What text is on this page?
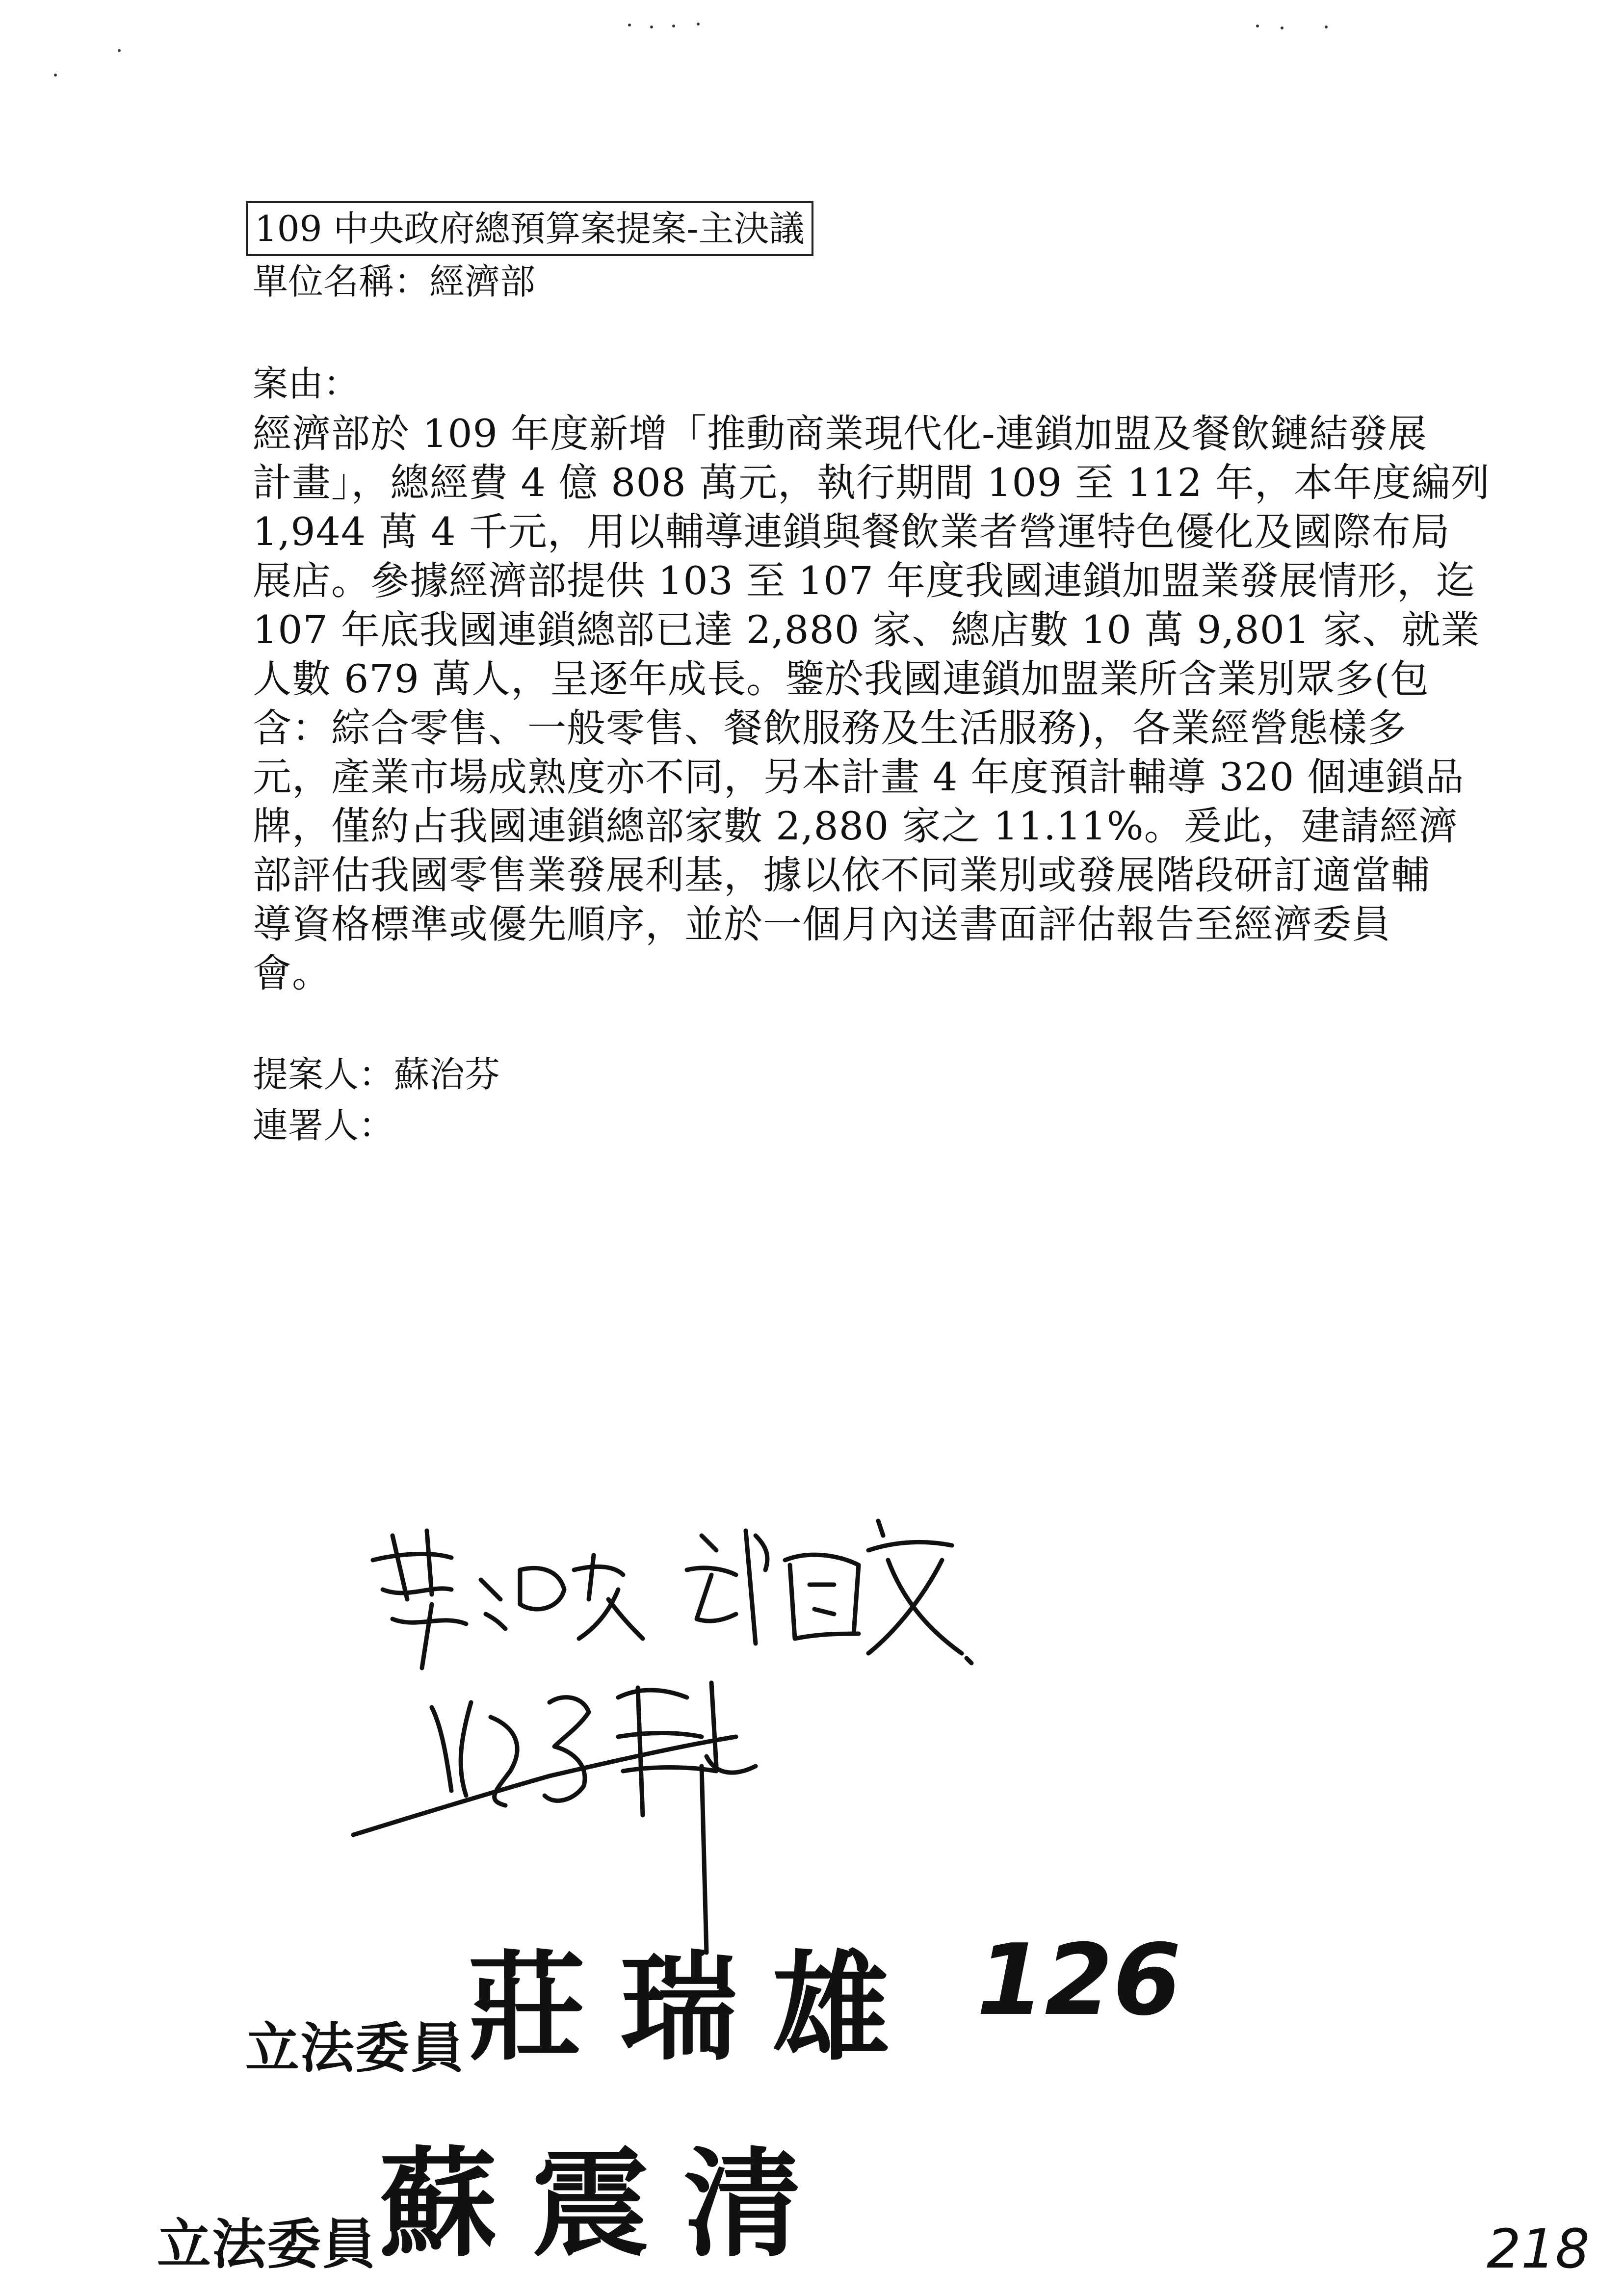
109 中央政府總預算案提案-主決議
單位名稱：經濟部
案由：
經濟部於 109 年度新增「推動商業現代化-連鎖加盟及餐飲鏈結發展
計畫」，總經費 4 億 808 萬元，執行期間 109 至 112 年，本年度編列
1,944 萬 4 千元，用以輔導連鎖與餐飲業者營運特色優化及國際布局
展店。參據經濟部提供 103 至 107 年度我國連鎖加盟業發展情形，迄
107 年底我國連鎖總部已達 2,880 家、總店數 10 萬 9,801 家、就業
人數 679 萬人，呈逐年成長。鑒於我國連鎖加盟業所含業別眾多(包
含：綜合零售、一般零售、餐飲服務及生活服務)，各業經營態樣多
元，產業市場成熟度亦不同，另本計畫 4 年度預計輔導 320 個連鎖品
牌，僅約占我國連鎖總部家數 2,880 家之 11.11%。爰此，建請經濟
部評估我國零售業發展利基，據以依不同業別或發展階段研訂適當輔
導資格標準或優先順序，並於一個月內送書面評估報告至經濟委員
會。
提案人：蘇治芬
連署人：
立法委員 莊瑞雄 126
立法委員 蘇震清	218
